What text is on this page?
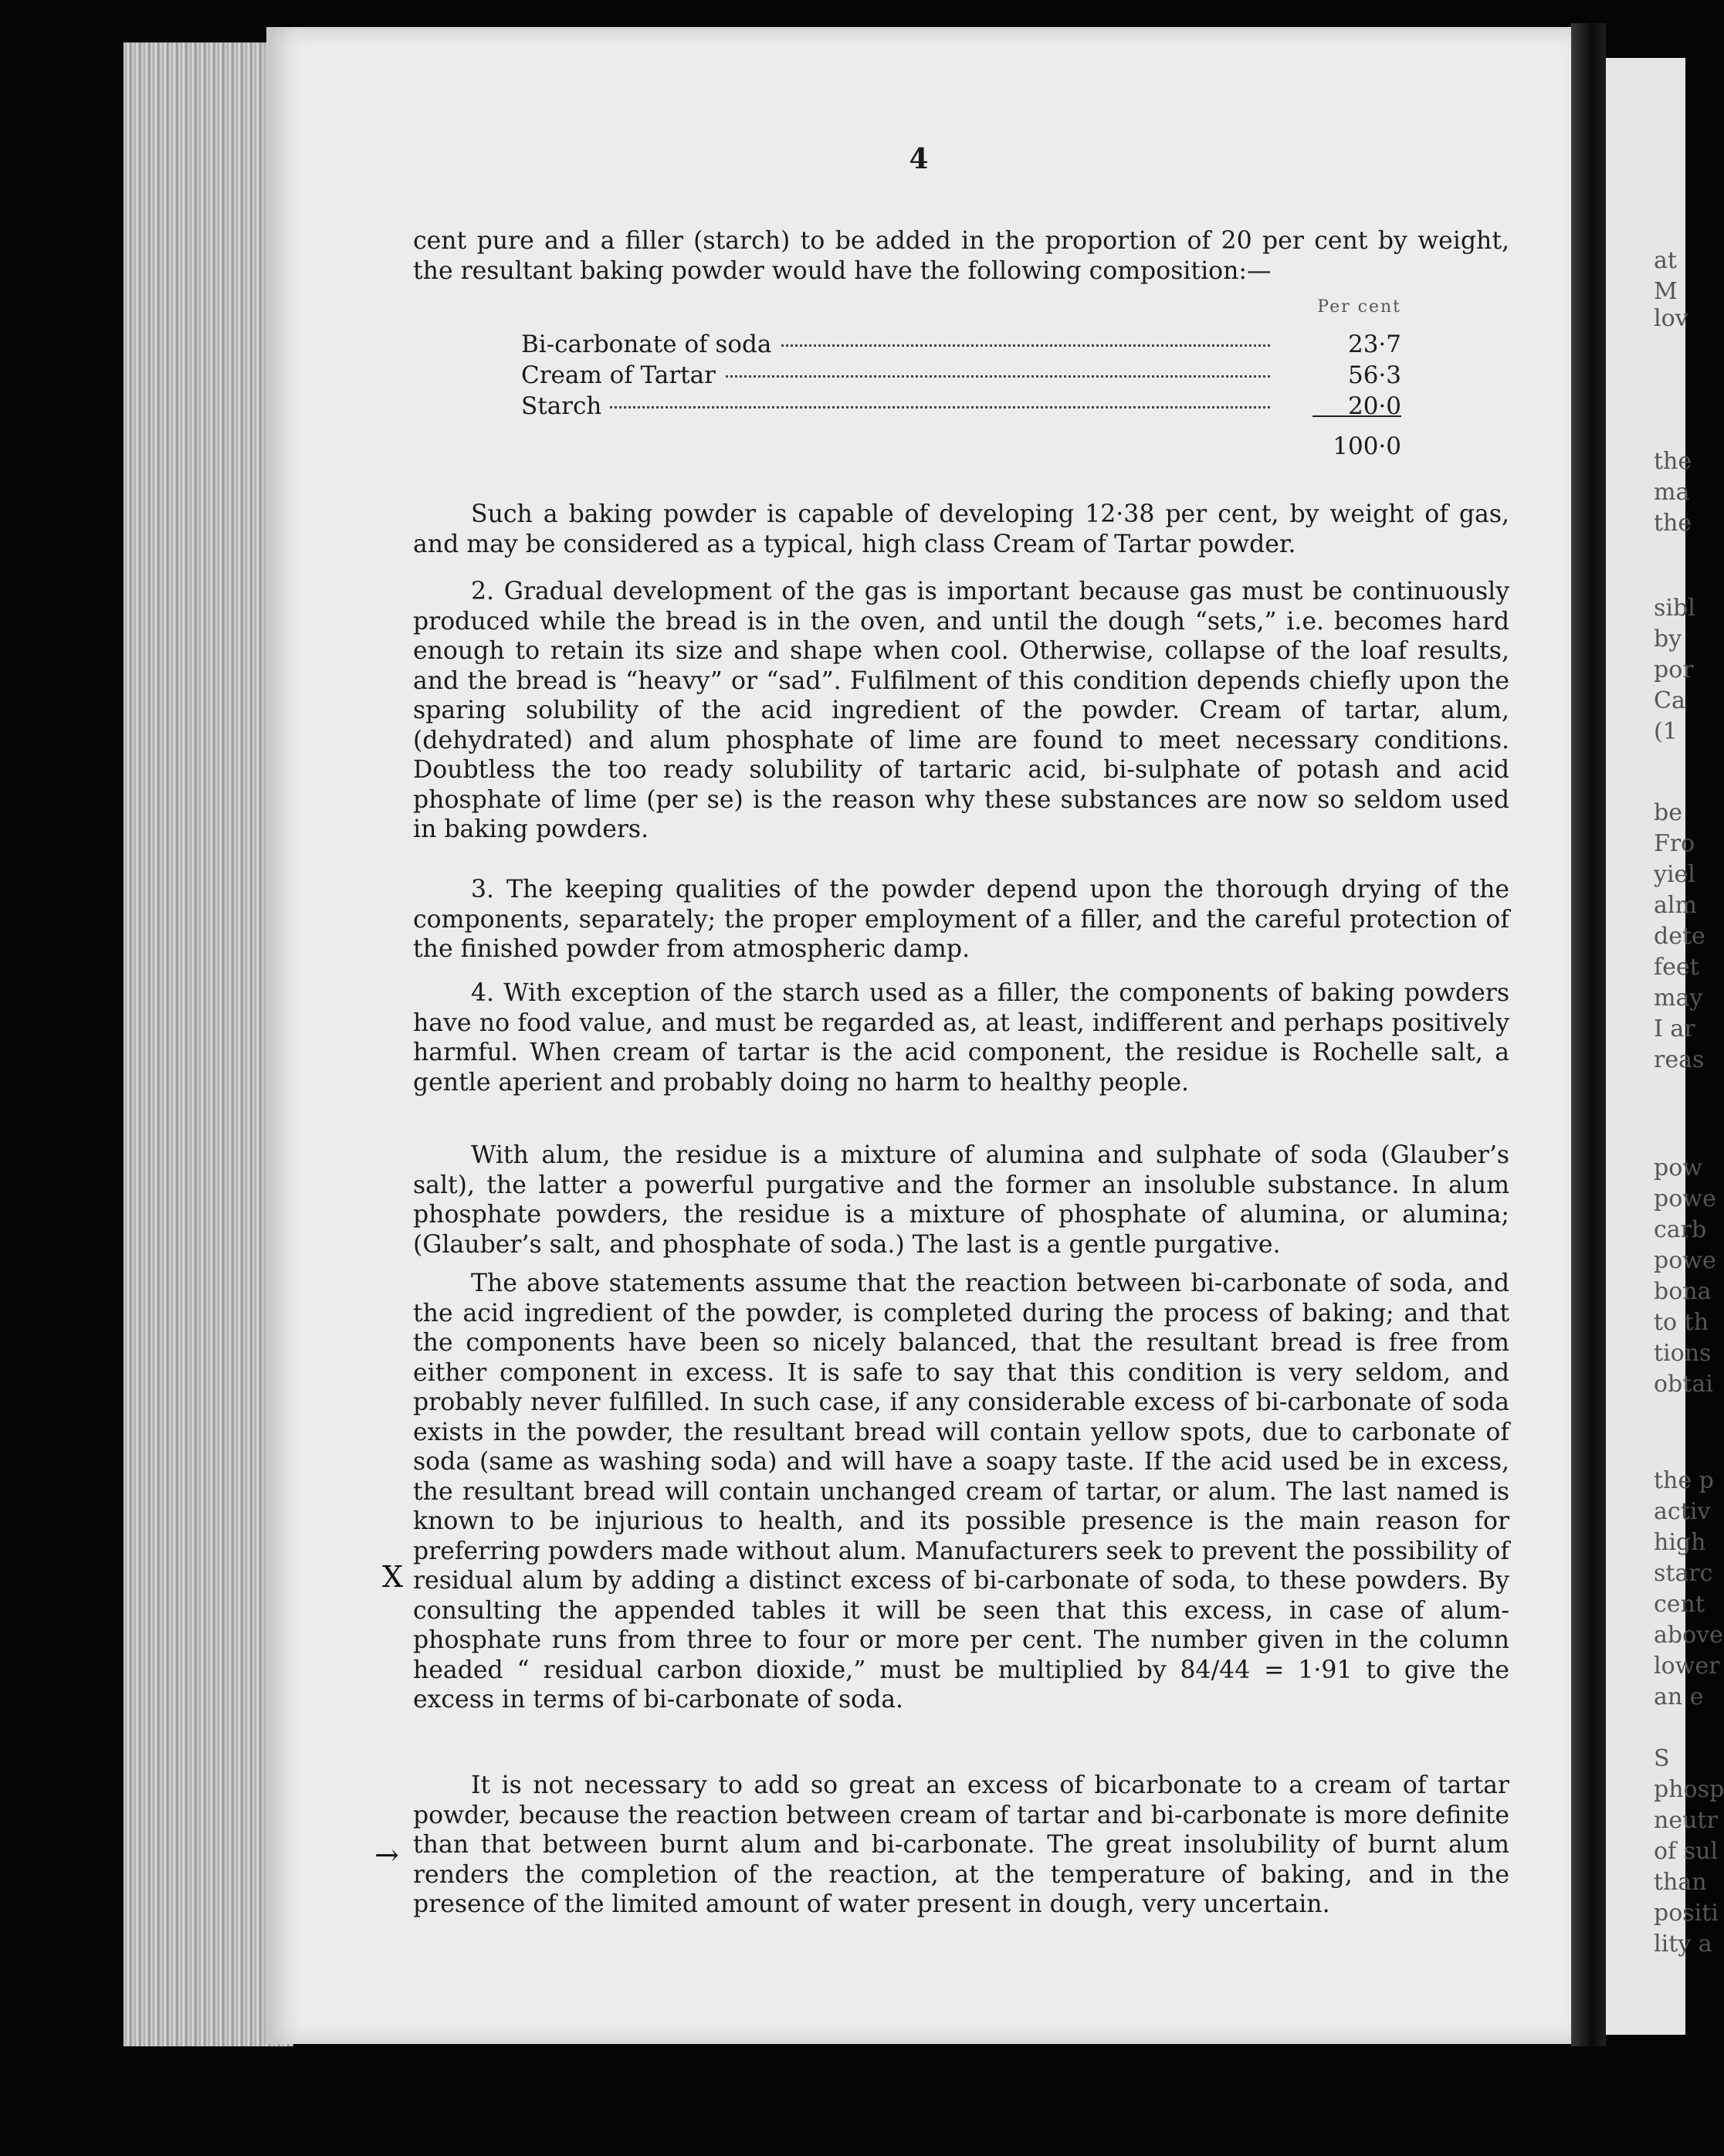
4

cent pure and a filler (starch) to be added in the proportion of 20 per cent by weight, the resultant baking powder would have the following composition:—

Per cent
Bi-carbonate of soda	23·7
Cream of Tartar	56·3
Starch	20·0
100·0

Such a baking powder is capable of developing 12·38 per cent, by weight of gas, and may be considered as a typical, high class Cream of Tartar powder.

2. Gradual development of the gas is important because gas must be continuously produced while the bread is in the oven, and until the dough “sets,” i.e. becomes hard enough to retain its size and shape when cool. Otherwise, collapse of the loaf results, and the bread is “heavy” or “sad”. Fulfilment of this condition depends chiefly upon the sparing solubility of the acid ingredient of the powder. Cream of tartar, alum, (dehydrated) and alum phosphate of lime are found to meet necessary conditions. Doubtless the too ready solubility of tartaric acid, bi-sulphate of potash and acid phosphate of lime (per se) is the reason why these substances are now so seldom used in baking powders.

3. The keeping qualities of the powder depend upon the thorough drying of the components, separately; the proper employment of a filler, and the careful protection of the finished powder from atmospheric damp.

4. With exception of the starch used as a filler, the components of baking powders have no food value, and must be regarded as, at least, indifferent and perhaps positively harmful. When cream of tartar is the acid component, the residue is Rochelle salt, a gentle aperient and probably doing no harm to healthy people.

With alum, the residue is a mixture of alumina and sulphate of soda (Glauber’s salt), the latter a powerful purgative and the former an insoluble substance. In alum phosphate powders, the residue is a mixture of phosphate of alumina, or alumina; (Glauber’s salt, and phosphate of soda.) The last is a gentle purgative.

The above statements assume that the reaction between bi-carbonate of soda, and the acid ingredient of the powder, is completed during the process of baking; and that the components have been so nicely balanced, that the resultant bread is free from either component in excess. It is safe to say that this condition is very seldom, and probably never fulfilled. In such case, if any considerable excess of bi-carbonate of soda exists in the powder, the resultant bread will contain yellow spots, due to carbonate of soda (same as washing soda) and will have a soapy taste. If the acid used be in excess, the resultant bread will contain unchanged cream of tartar, or alum. The last named is known to be injurious to health, and its possible presence is the main reason for preferring powders made without alum. Manufacturers seek to prevent the possibility of residual alum by adding a distinct excess of bi-carbonate of soda, to these powders. By consulting the appended tables it will be seen that this excess, in case of alum-phosphate runs from three to four or more per cent. The number given in the column headed “ residual carbon dioxide,” must be multiplied by 84/44 = 1·91 to give the excess in terms of bi-carbonate of soda.

It is not necessary to add so great an excess of bicarbonate to a cream of tartar powder, because the reaction between cream of tartar and bi-carbonate is more definite than that between burnt alum and bi-carbonate. The great insolubility of burnt alum renders the completion of the reaction, at the temperature of baking, and in the presence of the limited amount of water present in dough, very uncertain.

X
→
at
M
lov
the
ma
the
sibl
by
por
Ca
(1
be
Fro
yiel
alm
dete
feet
may
I ar
reas
pow
powe
carb
powe
bona
to th
tions
obtai
the p
activ
high
starc
cent
above
lower
an e
S
phosp
neutr
of sul
than
positi
lity a
